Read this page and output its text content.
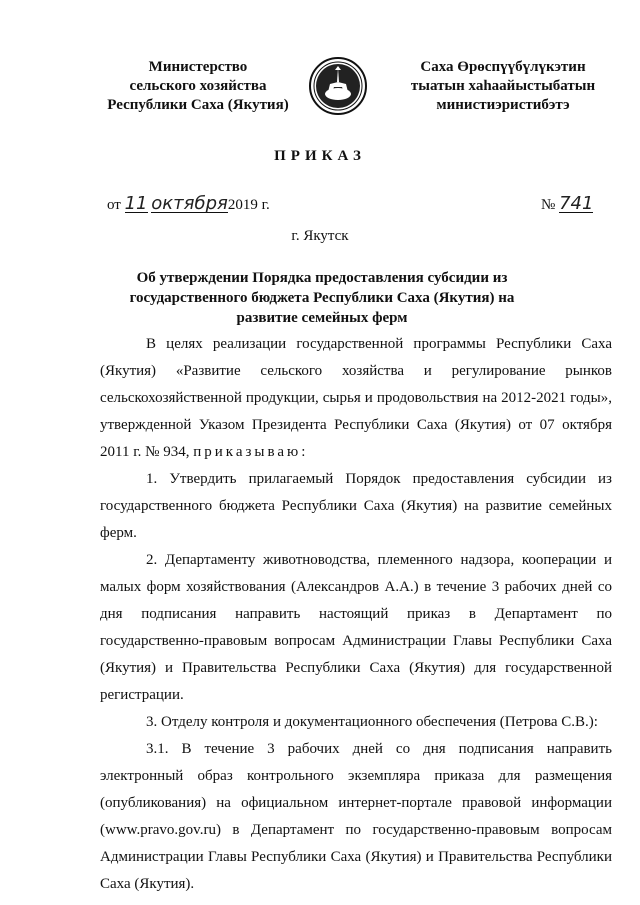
Министерство
сельского хозяйства
Республики Саха (Якутия)
Саха Өрөспүүбүлүкэтин
тыатын хаһаайыстыбатын
министиэристибэтэ
ПРИКАЗ
от 11 октября2019 г.	№ 741
г. Якутск
Об утверждении Порядка предоставления субсидии из государственного бюджета Республики Саха (Якутия) на развитие семейных ферм

В целях реализации государственной программы Республики Саха (Якутия) «Развитие сельского хозяйства и регулирование рынков сельскохозяйственной продукции, сырья и продовольствия на 2012-2021 годы», утвержденной Указом Президента Республики Саха (Якутия) от 07 октября 2011 г. № 934, приказываю:

1. Утвердить прилагаемый Порядок предоставления субсидии из государственного бюджета Республики Саха (Якутия) на развитие семейных ферм.

2. Департаменту животноводства, племенного надзора, кооперации и малых форм хозяйствования (Александров А.А.) в течение 3 рабочих дней со дня подписания направить настоящий приказ в Департамент по государственно-правовым вопросам Администрации Главы Республики Саха (Якутия) и Правительства Республики Саха (Якутия) для государственной регистрации.

3. Отделу контроля и документационного обеспечения (Петрова С.В.):

3.1. В течение 3 рабочих дней со дня подписания направить электронный образ контрольного экземпляра приказа для размещения (опубликования) на официальном интернет-портале правовой информации (www.pravo.gov.ru) в Департамент по государственно-правовым вопросам Администрации Главы Республики Саха (Якутия) и Правительства Республики Саха (Якутия).
